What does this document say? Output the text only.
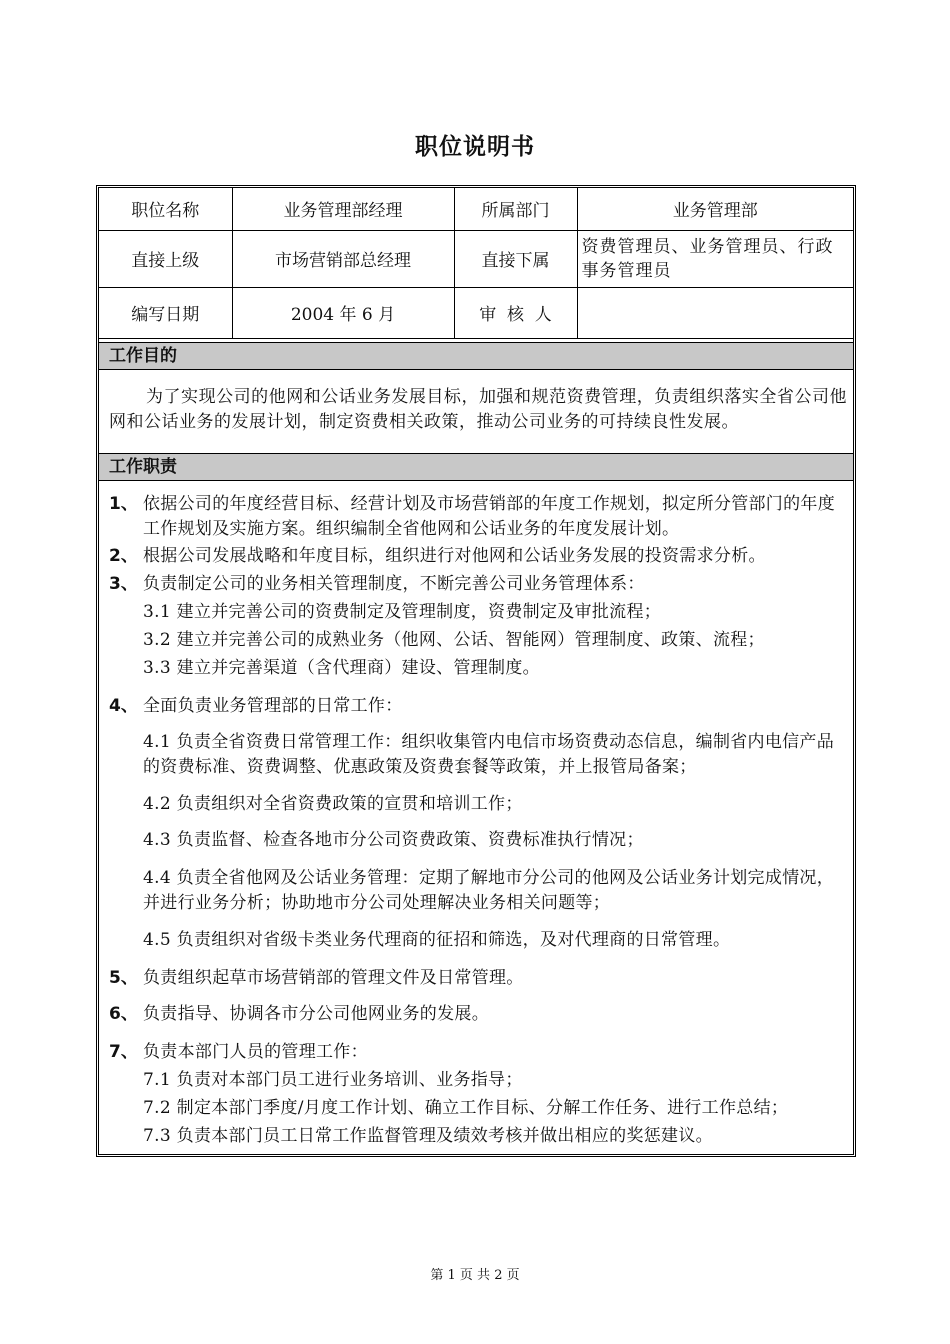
职位说明书
职位名称	业务管理部经理	所属部门	业务管理部
直接上级	市场营销部总经理	直接下属	资费管理员、业务管理员、行政事务管理员
编写日期	2004 年 6 月	审  核  人	
工作目的
为了实现公司的他网和公话业务发展目标，加强和规范资费管理，负责组织落实全省公司他网和公话业务的发展计划，制定资费相关政策，推动公司业务的可持续良性发展。
工作职责
1、 依据公司的年度经营目标、经营计划及市场营销部的年度工作规划，拟定所分管部门的年度工作规划及实施方案。组织编制全省他网和公话业务的年度发展计划。
2、 根据公司发展战略和年度目标，组织进行对他网和公话业务发展的投资需求分析。
3、 负责制定公司的业务相关管理制度，不断完善公司业务管理体系：
3.1 建立并完善公司的资费制定及管理制度，资费制定及审批流程；
3.2 建立并完善公司的成熟业务（他网、公话、智能网）管理制度、政策、流程；
3.3 建立并完善渠道（含代理商）建设、管理制度。
4、 全面负责业务管理部的日常工作：
4.1 负责全省资费日常管理工作：组织收集管内电信市场资费动态信息，编制省内电信产品的资费标准、资费调整、优惠政策及资费套餐等政策，并上报管局备案；
4.2 负责组织对全省资费政策的宣贯和培训工作；
4.3 负责监督、检查各地市分公司资费政策、资费标准执行情况；
4.4 负责全省他网及公话业务管理：定期了解地市分公司的他网及公话业务计划完成情况，并进行业务分析；协助地市分公司处理解决业务相关问题等；
4.5 负责组织对省级卡类业务代理商的征招和筛选，及对代理商的日常管理。
5、 负责组织起草市场营销部的管理文件及日常管理。
6、 负责指导、协调各市分公司他网业务的发展。
7、 负责本部门人员的管理工作：
7.1 负责对本部门员工进行业务培训、业务指导；
7.2 制定本部门季度/月度工作计划、确立工作目标、分解工作任务、进行工作总结；
7.3 负责本部门员工日常工作监督管理及绩效考核并做出相应的奖惩建议。
第 1 页 共 2 页
